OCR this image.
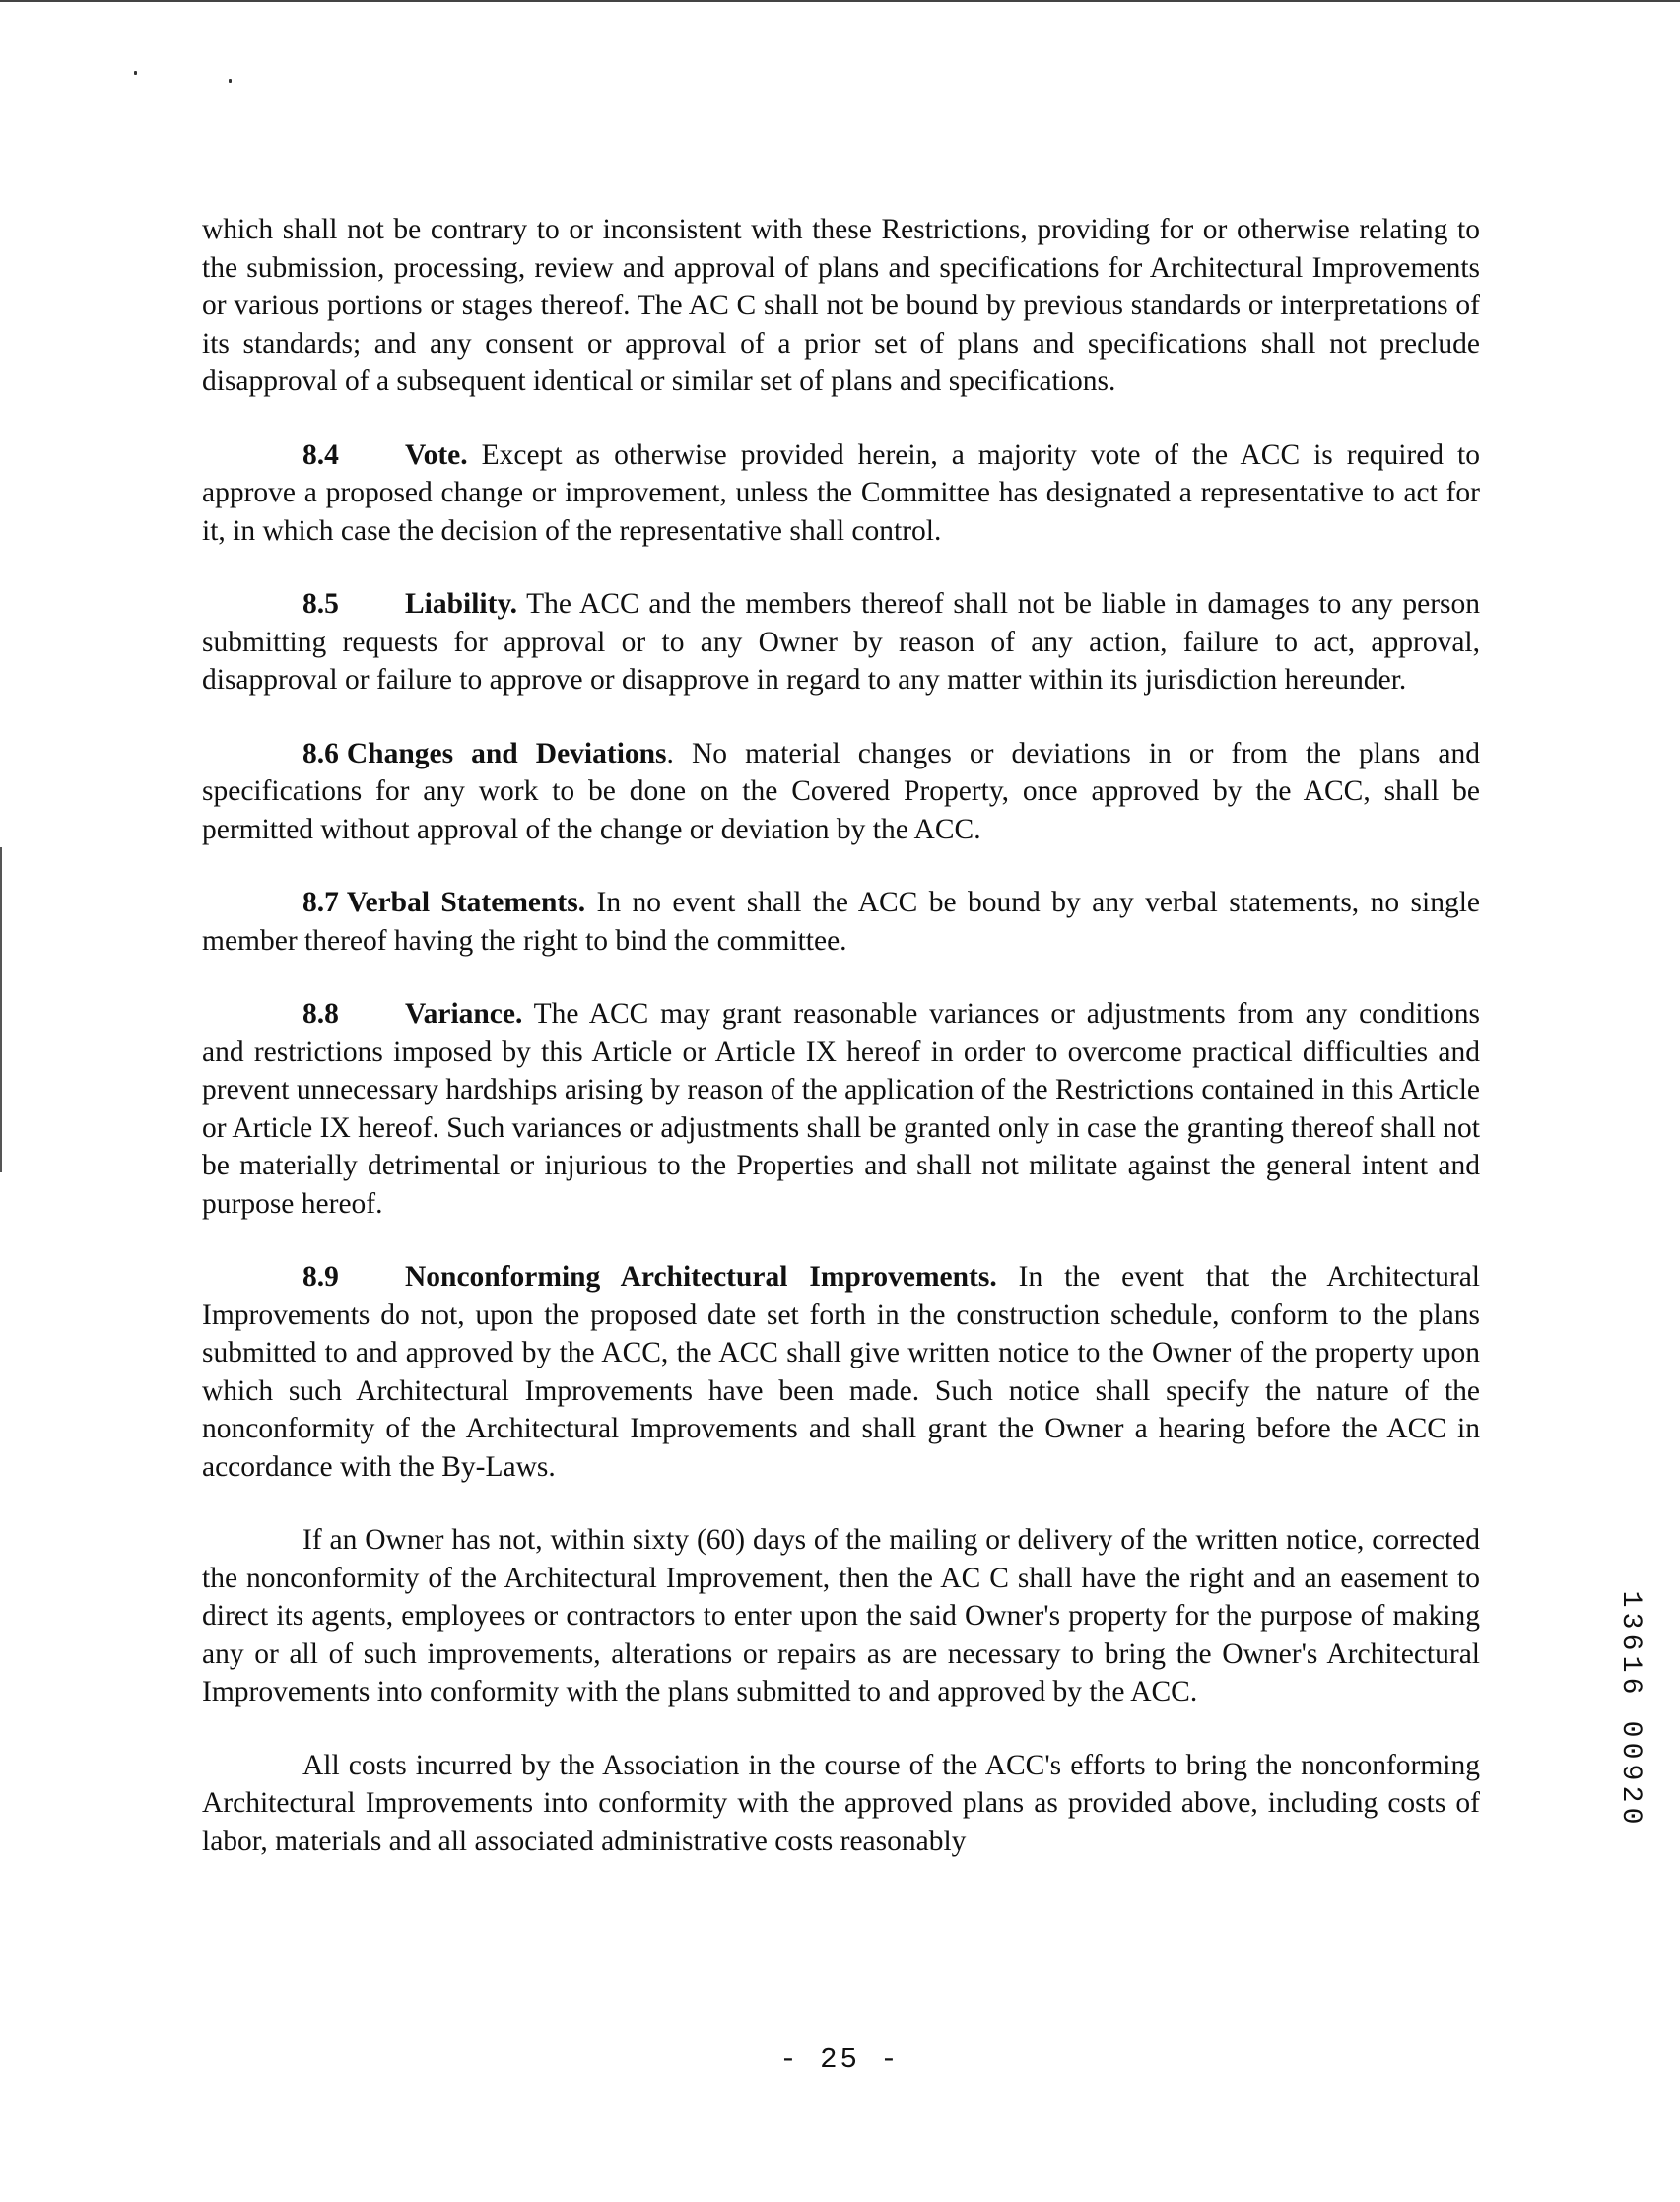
which shall not be contrary to or inconsistent with these Restrictions, providing for or otherwise relating to the submission, processing, review and approval of plans and specifications for Architectural Improvements or various portions or stages thereof. The AC C shall not be bound by previous standards or interpretations of its standards; and any consent or approval of a prior set of plans and specifications shall not preclude disapproval of a subsequent identical or similar set of plans and specifications.

8.4 Vote. Except as otherwise provided herein, a majority vote of the ACC is required to approve a proposed change or improvement, unless the Committee has designated a representative to act for it, in which case the decision of the representative shall control.

8.5 Liability. The ACC and the members thereof shall not be liable in damages to any person submitting requests for approval or to any Owner by reason of any action, failure to act, approval, disapproval or failure to approve or disapprove in regard to any matter within its jurisdiction hereunder.

8.6 Changes and Deviations. No material changes or deviations in or from the plans and specifications for any work to be done on the Covered Property, once approved by the ACC, shall be permitted without approval of the change or deviation by the ACC.

8.7 Verbal Statements. In no event shall the ACC be bound by any verbal statements, no single member thereof having the right to bind the committee.

8.8 Variance. The ACC may grant reasonable variances or adjustments from any conditions and restrictions imposed by this Article or Article IX hereof in order to overcome practical difficulties and prevent unnecessary hardships arising by reason of the application of the Restrictions contained in this Article or Article IX hereof. Such variances or adjustments shall be granted only in case the granting thereof shall not be materially detrimental or injurious to the Properties and shall not militate against the general intent and purpose hereof.

8.9 Nonconforming Architectural Improvements. In the event that the Architectural Improvements do not, upon the proposed date set forth in the construction schedule, conform to the plans submitted to and approved by the ACC, the ACC shall give written notice to the Owner of the property upon which such Architectural Improvements have been made. Such notice shall specify the nature of the nonconformity of the Architectural Improvements and shall grant the Owner a hearing before the ACC in accordance with the By-Laws.

If an Owner has not, within sixty (60) days of the mailing or delivery of the written notice, corrected the nonconformity of the Architectural Improvement, then the AC C shall have the right and an easement to direct its agents, employees or contractors to enter upon the said Owner's property for the purpose of making any or all of such improvements, alterations or repairs as are necessary to bring the Owner's Architectural Improvements into conformity with the plans submitted to and approved by the ACC.

All costs incurred by the Association in the course of the ACC's efforts to bring the nonconforming Architectural Improvements into conformity with the approved plans as provided above, including costs of labor, materials and all associated administrative costs reasonably

- 25 -
1
3
6
1
6

0
0
9
2
0
